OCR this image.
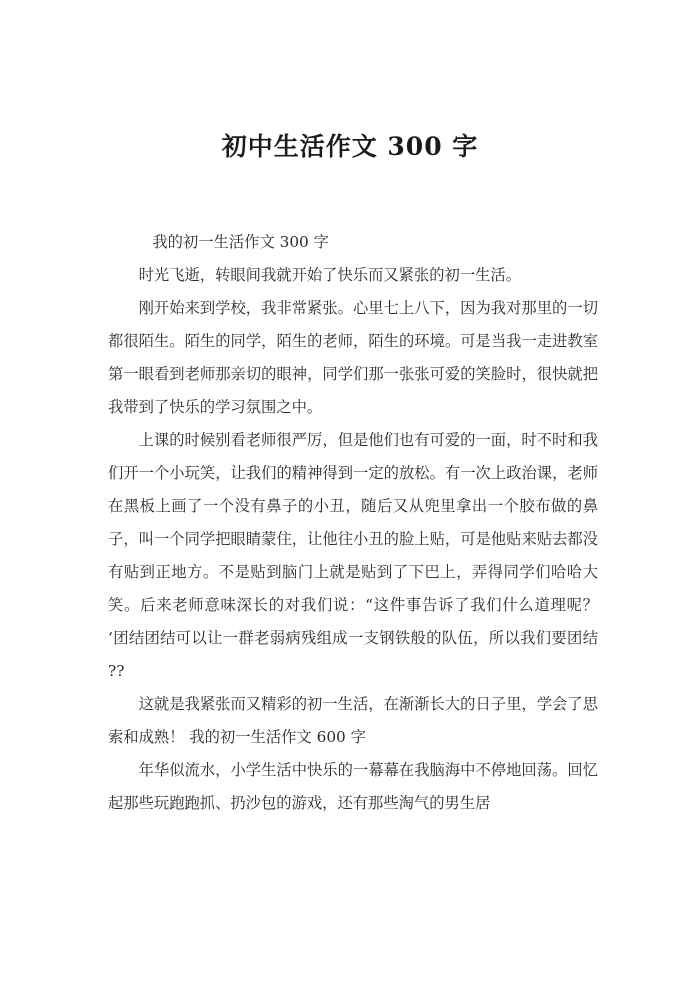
初中生活作文 300 字

我的初一生活作文 300 字

时光飞逝，转眼间我就开始了快乐而又紧张的初一生活。

刚开始来到学校，我非常紧张。心里七上八下，因为我对那里的一切都很陌生。陌生的同学，陌生的老师，陌生的环境。可是当我一走进教室第一眼看到老师那亲切的眼神，同学们那一张张可爱的笑脸时，很快就把我带到了快乐的学习氛围之中。

上课的时候别看老师很严厉，但是他们也有可爱的一面，时不时和我们开一个小玩笑，让我们的精神得到一定的放松。有一次上政治课，老师在黑板上画了一个没有鼻子的小丑，随后又从兜里拿出一个胶布做的鼻子，叫一个同学把眼睛蒙住，让他往小丑的脸上贴，可是他贴来贴去都没有贴到正地方。不是贴到脑门上就是贴到了下巴上，弄得同学们哈哈大笑。后来老师意味深长的对我们说：“这件事告诉了我们什么道理呢？ ‘团结团结可以让一群老弱病残组成一支钢铁般的队伍，所以我们要团结 ??

这就是我紧张而又精彩的初一生活，在渐渐长大的日子里，学会了思索和成熟！ 我的初一生活作文 600 字

年华似流水，小学生活中快乐的一幕幕在我脑海中不停地回荡。回忆起那些玩跑跑抓、扔沙包的游戏，还有那些淘气的男生居
